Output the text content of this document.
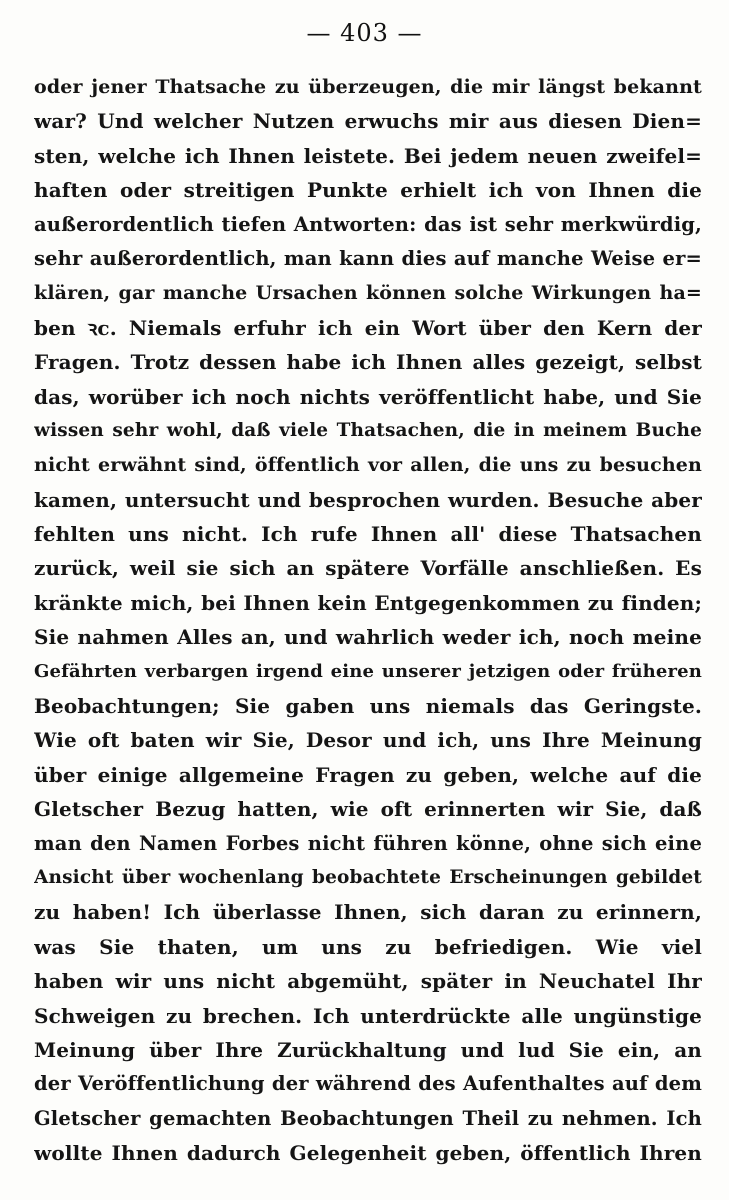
— 403 —
oder jener Thatsache zu überzeugen, die mir längst bekannt
war? Und welcher Nutzen erwuchs mir aus diesen Dien=
sten, welche ich Ihnen leistete. Bei jedem neuen zweifel=
haften oder streitigen Punkte erhielt ich von Ihnen die
außerordentlich tiefen Antworten: das ist sehr merkwürdig,
sehr außerordentlich, man kann dies auf manche Weise er=
klären, gar manche Ursachen können solche Wirkungen ha=
ben ꝛc. Niemals erfuhr ich ein Wort über den Kern der
Fragen. Trotz dessen habe ich Ihnen alles gezeigt, selbst
das, worüber ich noch nichts veröffentlicht habe, und Sie
wissen sehr wohl, daß viele Thatsachen, die in meinem Buche
nicht erwähnt sind, öffentlich vor allen, die uns zu besuchen
kamen, untersucht und besprochen wurden. Besuche aber
fehlten uns nicht. Ich rufe Ihnen all' diese Thatsachen
zurück, weil sie sich an spätere Vorfälle anschließen. Es
kränkte mich, bei Ihnen kein Entgegenkommen zu finden;
Sie nahmen Alles an, und wahrlich weder ich, noch meine
Gefährten verbargen irgend eine unserer jetzigen oder früheren
Beobachtungen; Sie gaben uns niemals das Geringste.
Wie oft baten wir Sie, Desor und ich, uns Ihre Meinung
über einige allgemeine Fragen zu geben, welche auf die
Gletscher Bezug hatten, wie oft erinnerten wir Sie, daß
man den Namen Forbes nicht führen könne, ohne sich eine
Ansicht über wochenlang beobachtete Erscheinungen gebildet
zu haben! Ich überlasse Ihnen, sich daran zu erinnern,
was Sie thaten, um uns zu befriedigen. Wie viel
haben wir uns nicht abgemüht, später in Neuchatel Ihr
Schweigen zu brechen. Ich unterdrückte alle ungünstige
Meinung über Ihre Zurückhaltung und lud Sie ein, an
der Veröffentlichung der während des Aufenthaltes auf dem
Gletscher gemachten Beobachtungen Theil zu nehmen. Ich
wollte Ihnen dadurch Gelegenheit geben, öffentlich Ihren
